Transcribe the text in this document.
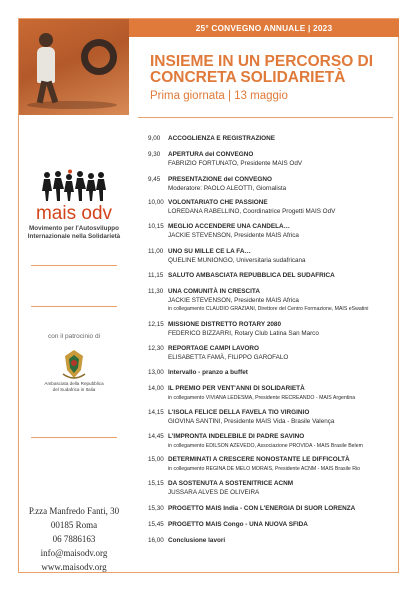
mais odv
Movimento per l'Autosviluppo
Internazionale nella Solidarietà
con il patrocinio di
Ambasciata della Repubblica
del Sudafrica in Italia
P.zza Manfredo Fanti, 30
00185 Roma
06 7886163
info@maisodv.org
www.maisodv.org
25° CONVEGNO ANNUALE | 2023
INSIEME IN UN PERCORSO DI
CONCRETA SOLIDARIETÀ
Prima giornata | 13 maggio
9,00	ACCOGLIENZA E REGISTRAZIONE
9,30	APERTURA del CONVEGNO
FABRIZIO FORTUNATO, Presidente MAIS OdV
9,45	PRESENTAZIONE del CONVEGNO
Moderatore: PAOLO ALEOTTI, Giornalista
10,00 VOLONTARIATO CHE PASSIONE
LOREDANA RABELLINO, Coordinatrice Progetti MAIS OdV
10,15 MEGLIO ACCENDERE UNA CANDELA…
JACKIE STEVENSON, Presidente MAIS Africa
11,00 UNO SU MILLE CE LA FA…
QUELINE MUNIONGO, Universitaria sudafricana
11,15 SALUTO AMBASCIATA REPUBBLICA DEL SUDAFRICA
11,30 UNA COMUNITÀ IN CRESCITA
JACKIE STEVENSON, Presidente MAIS Africa
in collegamento CLAUDIO GRAZIANI, Direttore del Centro Formazione, MAIS eSwatini
12,15 MISSIONE DISTRETTO ROTARY 2080
FEDERICO BIZZARRI, Rotary Club Latina San Marco
12,30 REPORTAGE CAMPI LAVORO
ELISABETTA FAMÀ, FILIPPO GAROFALO
13,00 Intervallo - pranzo a buffet
14,00 IL PREMIO PER VENT'ANNI DI SOLIDARIETÀ
in collegamento VIVIANA LEDESMA, Presidente RECREANDO - MAIS Argentina
14,15 L'ISOLA FELICE DELLA FAVELA TIO VIRGINIO
GIOVINA SANTINI, Presidente MAIS Vida - Brasile Valença
14,45 L'IMPRONTA INDELEBILE DI PADRE SAVINO
in collegamento EDILSON AZEVEDO, Associazione PROVIDA - MAIS Brasile Belem
15,00 DETERMINATI A CRESCERE NONOSTANTE LE DIFFICOLTÀ
in collegamento REGINA DE MELO MORAIS, Presidente ACNM - MAIS Brasile Rio
15,15 DA SOSTENUTA A SOSTENITRICE ACNM
JUSSARA ALVES DE OLIVEIRA
15,30 PROGETTO MAIS India - CON L'ENERGIA DI SUOR LORENZA
15,45 PROGETTO MAIS Congo - UNA NUOVA SFIDA
16,00 Conclusione lavori
